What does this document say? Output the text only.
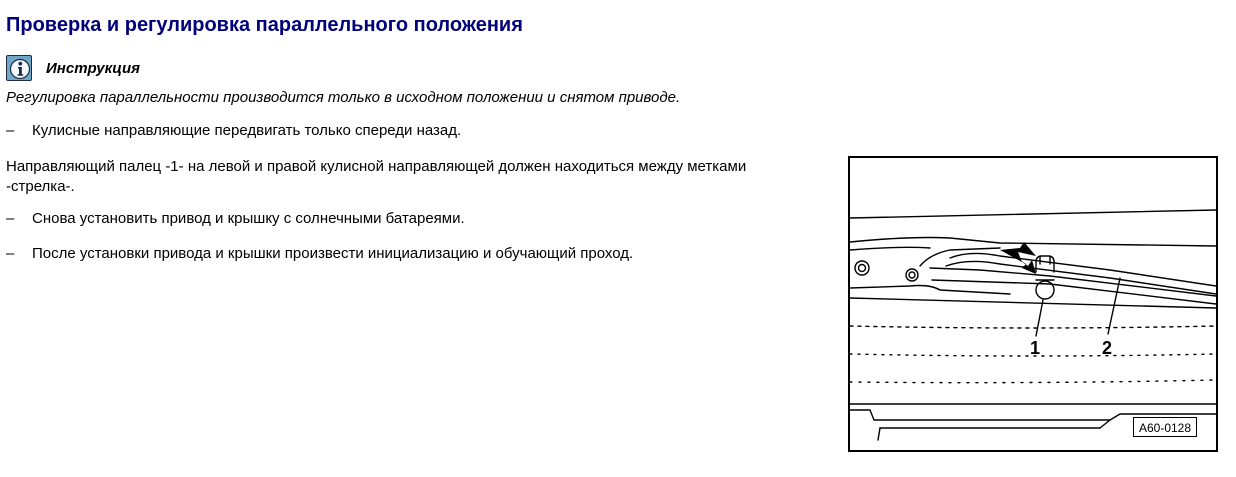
Проверка и регулировка параллельного положения
Инструкция
Регулировка параллельности производится только в исходном положении и снятом приводе.
– Кулисные направляющие передвигать только спереди назад.
Направляющий палец -1- на левой и правой кулисной направляющей должен находиться между метками -стрелка-.
– Снова установить привод и крышку с солнечными батареями.
– После установки привода и крышки произвести инициализацию и обучающий проход.
1	2
A60-0128
